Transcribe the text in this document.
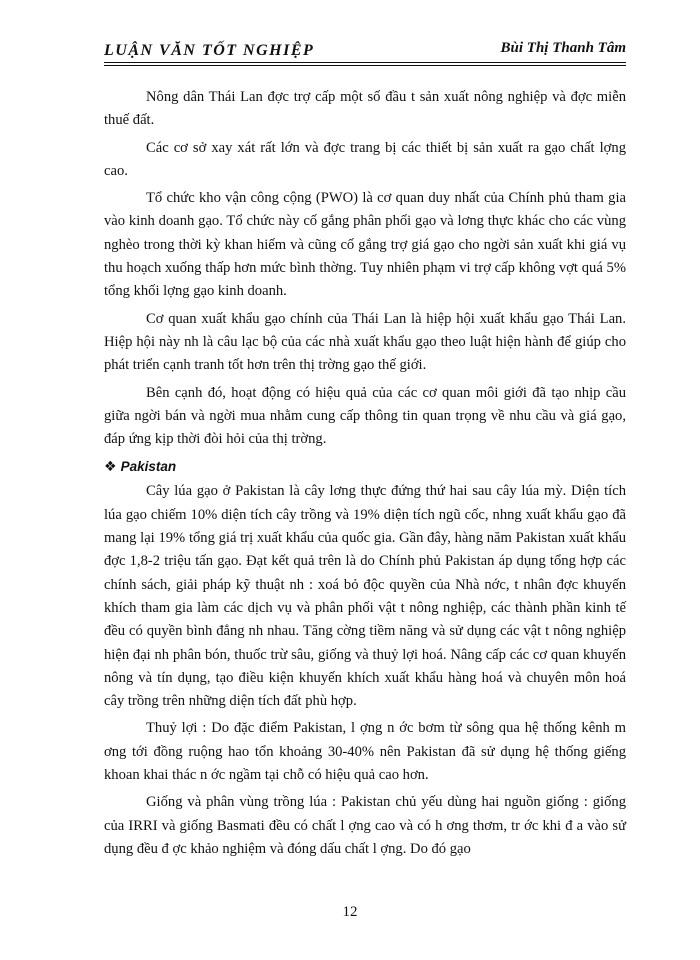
LUẬN VĂN TỐT NGHIỆP	Bùi Thị Thanh Tâm

Nông dân Thái Lan đợc trợ cấp một số đầu t sản xuất nông nghiệp và đợc miễn thuế đất.

Các cơ sở xay xát rất lớn và đợc trang bị các thiết bị sản xuất ra gạo chất lợng cao.

Tổ chức kho vận công cộng (PWO) là cơ quan duy nhất của Chính phủ tham gia vào kinh doanh gạo. Tổ chức này cố gắng phân phối gạo và lơng thực khác cho các vùng nghèo trong thời kỳ khan hiếm và cũng cố gắng trợ giá gạo cho ngời sản xuất khi giá vụ thu hoạch xuống thấp hơn mức bình thờng. Tuy nhiên phạm vi trợ cấp không vợt quá 5% tổng khối lợng gạo kinh doanh.

Cơ quan xuất khẩu gạo chính của Thái Lan là hiệp hội xuất khẩu gạo Thái Lan. Hiệp hội này nh là câu lạc bộ của các nhà xuất khẩu gạo theo luật hiện hành để giúp cho phát triển cạnh tranh tốt hơn trên thị trờng gạo thế giới.

Bên cạnh đó, hoạt động có hiệu quả của các cơ quan môi giới đã tạo nhịp cầu giữa ngời bán và ngời mua nhằm cung cấp thông tin quan trọng về nhu cầu và giá gạo, đáp ứng kịp thời đòi hỏi của thị trờng.

❖ Pakistan

Cây lúa gạo ở Pakistan là cây lơng thực đứng thứ hai sau cây lúa mỳ. Diện tích lúa gạo chiếm 10% diện tích cây trồng và 19% diện tích ngũ cốc, nhng xuất khẩu gạo đã mang lại 19% tổng giá trị xuất khẩu của quốc gia. Gần đây, hàng năm Pakistan xuất khẩu đợc 1,8-2 triệu tấn gạo. Đạt kết quả trên là do Chính phủ Pakistan áp dụng tổng hợp các chính sách, giải pháp kỹ thuật nh : xoá bỏ độc quyền của Nhà nớc, t nhân đợc khuyến khích tham gia làm các dịch vụ và phân phối vật t nông nghiệp, các thành phần kinh tế đều có quyền bình đẳng nh nhau. Tăng cờng tiềm năng và sử dụng các vật t nông nghiệp hiện đại nh phân bón, thuốc trừ sâu, giống và thuỷ lợi hoá. Nâng cấp các cơ quan khuyến nông và tín dụng, tạo điều kiện khuyến khích xuất khẩu hàng hoá và chuyên môn hoá cây trồng trên những diện tích đất phù hợp.

Thuỷ lợi : Do đặc điểm Pakistan, l ợng n ớc bơm từ sông qua hệ thống kênh m ơng tới đồng ruộng hao tổn khoảng 30-40% nên Pakistan đã sử dụng hệ thống giếng khoan khai thác n ớc ngầm tại chỗ có hiệu quả cao hơn.

Giống và phân vùng trồng lúa : Pakistan chủ yếu dùng hai nguồn giống : giống của IRRI và giống Basmati đều có chất l ợng cao và có h ơng thơm, tr ớc khi đ a vào sử dụng đều đ ợc khảo nghiệm và đóng dấu chất l ợng. Do đó gạo

12
